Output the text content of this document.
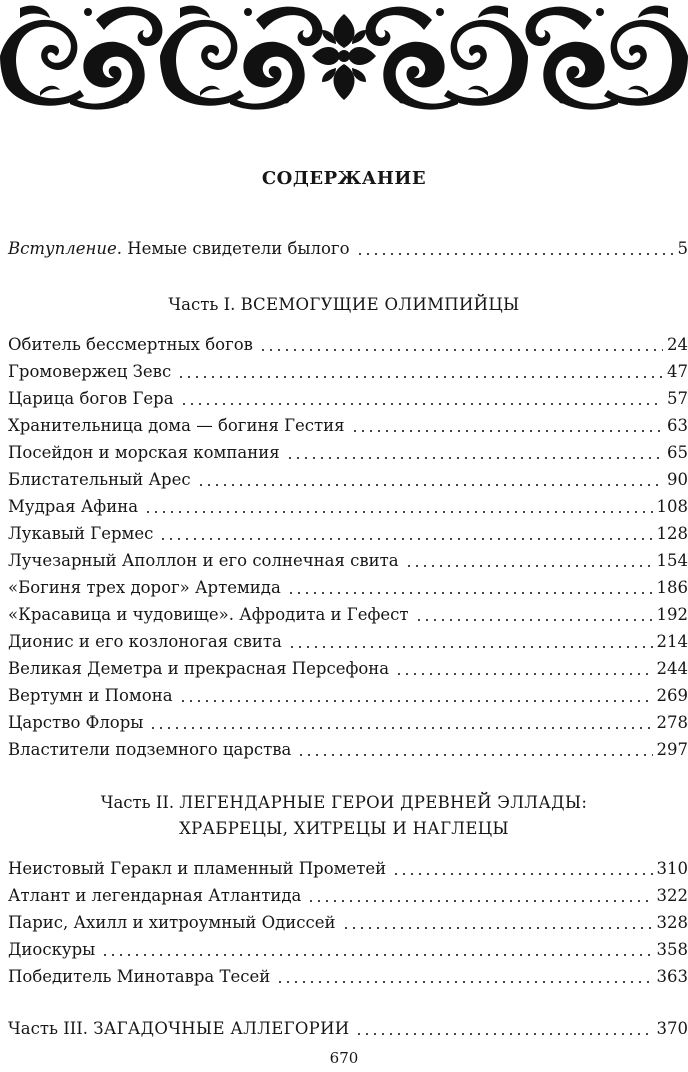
СОДЕРЖАНИЕ
Вступление. Немые свидетели былого	5
Часть I. ВСЕМОГУЩИЕ ОЛИМПИЙЦЫ
Обитель бессмертных богов	24
Громовержец Зевс	47
Царица богов Гера	57
Хранительница дома — богиня Гестия	63
Посейдон и морская компания	65
Блистательный Арес	90
Мудрая Афина	108
Лукавый Гермес	128
Лучезарный Аполлон и его солнечная свита	154
«Богиня трех дорог» Артемида	186
«Красавица и чудовище». Афродита и Гефест	192
Дионис и его козлоногая свита	214
Великая Деметра и прекрасная Персефона	244
Вертумн и Помона	269
Царство Флоры	278
Властители подземного царства	297
Часть II. ЛЕГЕНДАРНЫЕ ГЕРОИ ДРЕВНЕЙ ЭЛЛАДЫ:
ХРАБРЕЦЫ, ХИТРЕЦЫ И НАГЛЕЦЫ
Неистовый Геракл и пламенный Прометей	310
Атлант и легендарная Атлантида	322
Парис, Ахилл и хитроумный Одиссей	328
Диоскуры	358
Победитель Минотавра Тесей	363
Часть III. ЗАГАДОЧНЫЕ АЛЛЕГОРИИ	370
670
